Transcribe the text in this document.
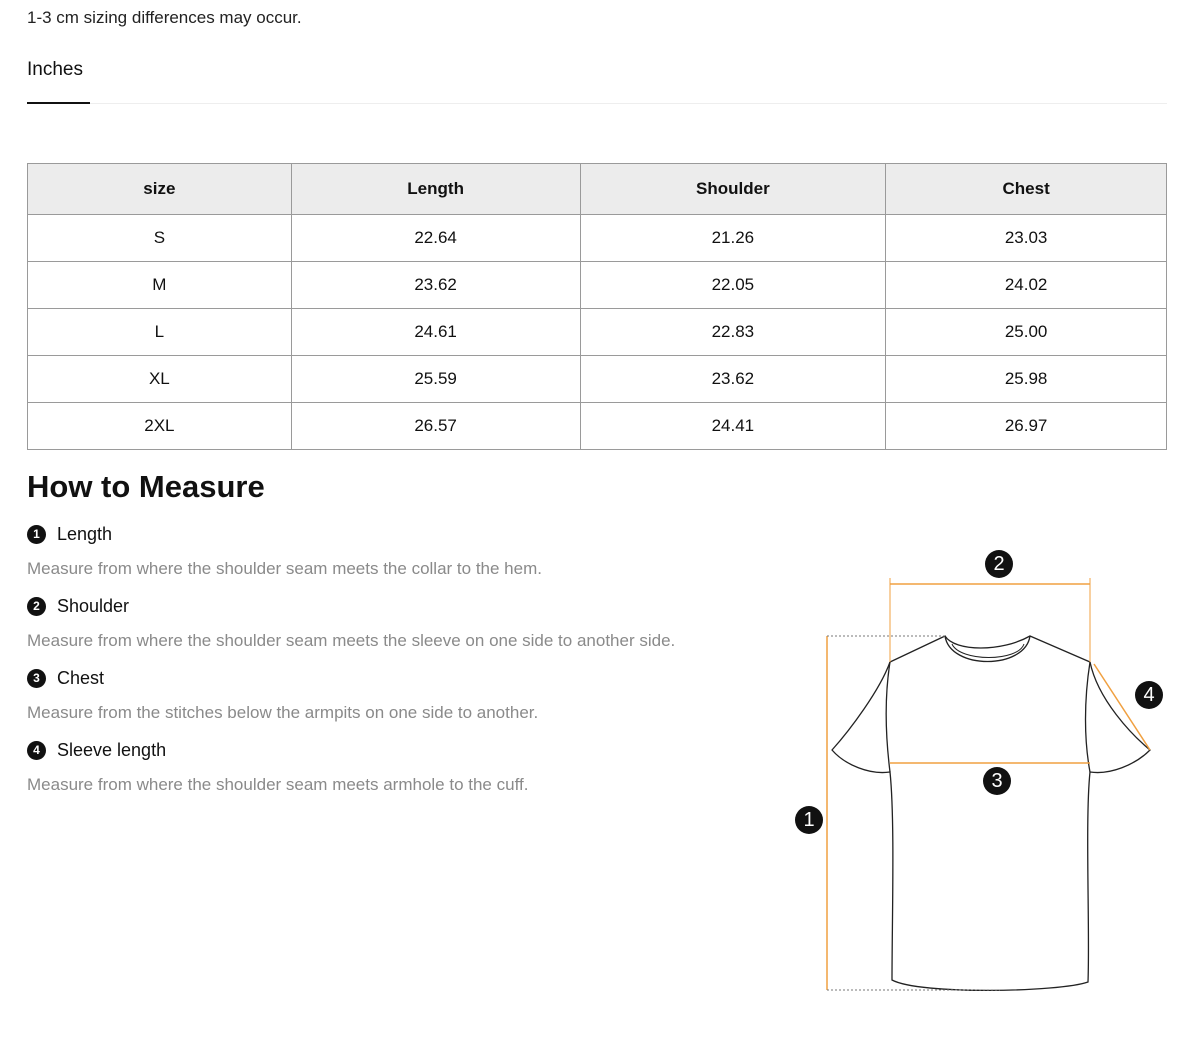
1-3 cm sizing differences may occur.
Inches
size	Length	Shoulder	Chest
S	22.64	21.26	23.03
M	23.62	22.05	24.02
L	24.61	22.83	25.00
XL	25.59	23.62	25.98
2XL	26.57	24.41	26.97
How to Measure
1 Length
Measure from where the shoulder seam meets the collar to the hem.
2 Shoulder
Measure from where the shoulder seam meets the sleeve on one side to another side.
3 Chest
Measure from the stitches below the armpits on one side to another.
4 Sleeve length
Measure from where the shoulder seam meets armhole to the cuff.
1
2
3
4
